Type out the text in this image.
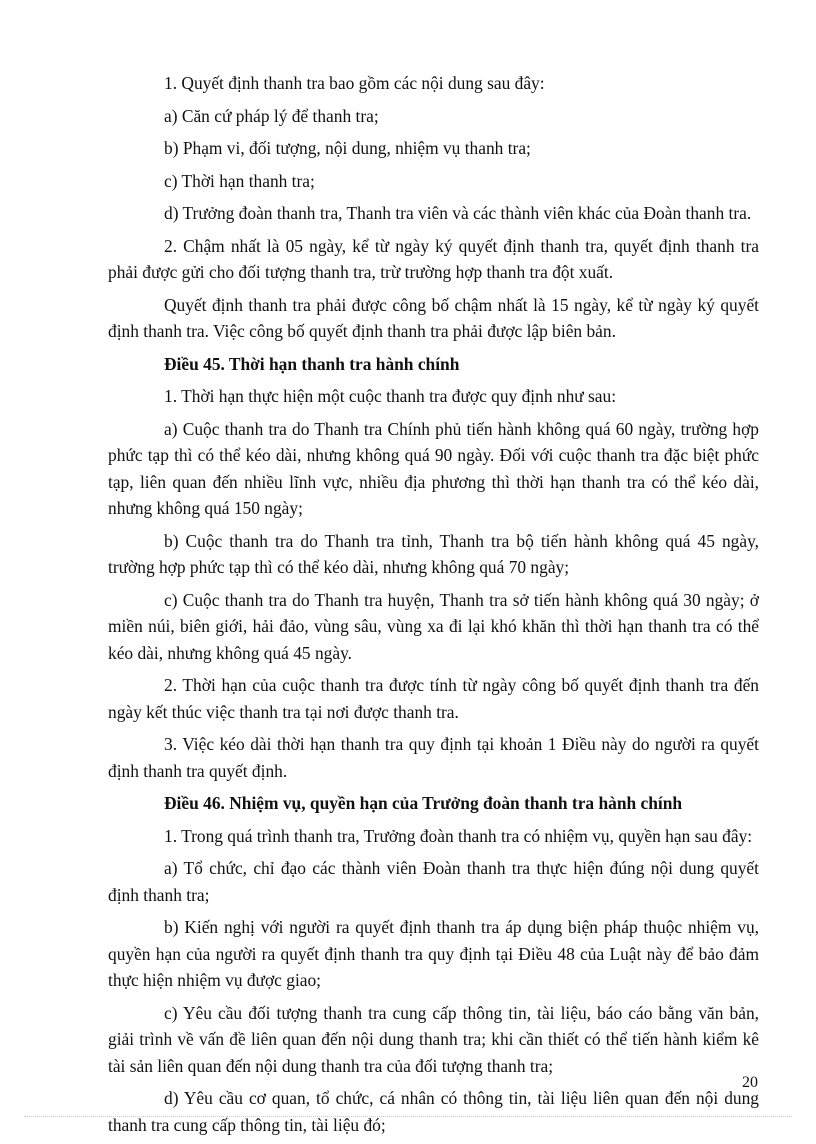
1. Quyết định thanh tra bao gồm các nội dung sau đây:

a) Căn cứ pháp lý để thanh tra;

b) Phạm vi, đối tượng, nội dung, nhiệm vụ thanh tra;

c) Thời hạn thanh tra;

d) Trưởng đoàn thanh tra, Thanh tra viên và các thành viên khác của Đoàn thanh tra.

2. Chậm nhất là 05 ngày, kể từ ngày ký quyết định thanh tra, quyết định thanh tra phải được gửi cho đối tượng thanh tra, trừ trường hợp thanh tra đột xuất.

Quyết định thanh tra phải được công bố chậm nhất là 15 ngày, kể từ ngày ký quyết định thanh tra. Việc công bố quyết định thanh tra phải được lập biên bản.

Điều 45. Thời hạn thanh tra hành chính

1. Thời hạn thực hiện một cuộc thanh tra được quy định như sau:

a) Cuộc thanh tra do Thanh tra Chính phủ tiến hành không quá 60 ngày, trường hợp phức tạp thì có thể kéo dài, nhưng không quá 90 ngày. Đối với cuộc thanh tra đặc biệt phức tạp, liên quan đến nhiều lĩnh vực, nhiều địa phương thì thời hạn thanh tra có thể kéo dài, nhưng không quá 150 ngày;

b) Cuộc thanh tra do Thanh tra tỉnh, Thanh tra bộ tiến hành không quá 45 ngày, trường hợp phức tạp thì có thể kéo dài, nhưng không quá 70 ngày;

c) Cuộc thanh tra do Thanh tra huyện, Thanh tra sở tiến hành không quá 30 ngày; ở miền núi, biên giới, hải đảo, vùng sâu, vùng xa đi lại khó khăn thì thời hạn thanh tra có thể kéo dài, nhưng không quá 45 ngày.

2. Thời hạn của cuộc thanh tra được tính từ ngày công bố quyết định thanh tra đến ngày kết thúc việc thanh tra tại nơi được thanh tra.

3. Việc kéo dài thời hạn thanh tra quy định tại khoản 1 Điều này do người ra quyết định thanh tra quyết định.

Điều 46. Nhiệm vụ, quyền hạn của Trưởng đoàn thanh tra hành chính

1. Trong quá trình thanh tra, Trưởng đoàn thanh tra có nhiệm vụ, quyền hạn sau đây:

a) Tổ chức, chỉ đạo các thành viên Đoàn thanh tra thực hiện đúng nội dung quyết định thanh tra;

b) Kiến nghị với người ra quyết định thanh tra áp dụng biện pháp thuộc nhiệm vụ, quyền hạn của người ra quyết định thanh tra quy định tại Điều 48 của Luật này để bảo đảm thực hiện nhiệm vụ được giao;

c) Yêu cầu đối tượng thanh tra cung cấp thông tin, tài liệu, báo cáo bằng văn bản, giải trình về vấn đề liên quan đến nội dung thanh tra; khi cần thiết có thể tiến hành kiểm kê tài sản liên quan đến nội dung thanh tra của đối tượng thanh tra;

d) Yêu cầu cơ quan, tổ chức, cá nhân có thông tin, tài liệu liên quan đến nội dung thanh tra cung cấp thông tin, tài liệu đó;

20
